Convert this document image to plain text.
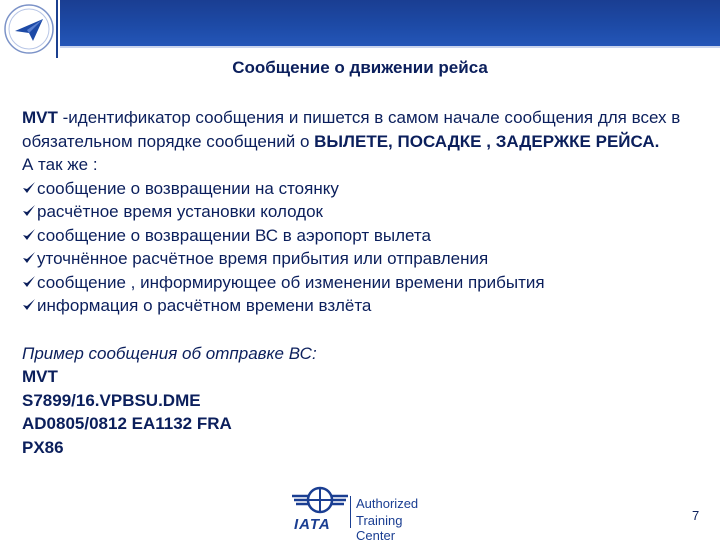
Сообщение о движении рейса

MVT -идентификатор сообщения и пишется в самом начале сообщения для всех в обязательном порядке сообщений о ВЫЛЕТЕ, ПОСАДКЕ , ЗАДЕРЖКЕ РЕЙСА.

А так же :

сообщение о возвращении на стоянку
расчётное время установки колодок
сообщение о возвращении ВС в аэропорт вылета
уточнённое расчётное время прибытия или отправления
сообщение , информирующее об изменении времени прибытия
информация о расчётном времени взлёта

Пример сообщения об отправке ВС:

MVT

S7899/16.VPBSU.DME

AD0805/0812 EA1132 FRA

PX86

IATA
Authorized
Training Center
7
